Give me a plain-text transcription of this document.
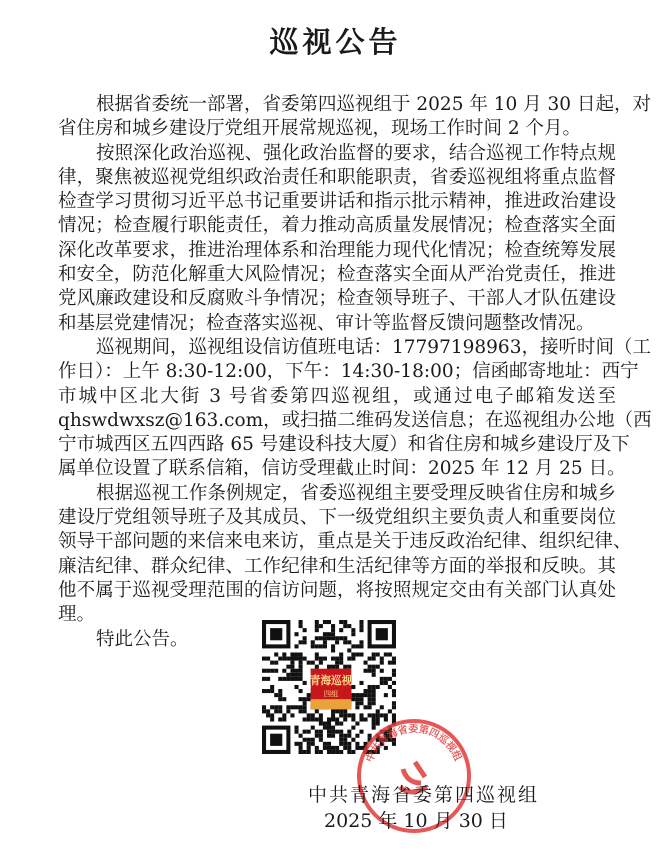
巡视公告
根据省委统一部署，省委第四巡视组于 2025 年 10 月 30 日起，对
省住房和城乡建设厅党组开展常规巡视，现场工作时间 2 个月。
按照深化政治巡视、强化政治监督的要求，结合巡视工作特点规
律，聚焦被巡视党组织政治责任和职能职责，省委巡视组将重点监督
检查学习贯彻习近平总书记重要讲话和指示批示精神，推进政治建设
情况；检查履行职能责任，着力推动高质量发展情况；检查落实全面
深化改革要求，推进治理体系和治理能力现代化情况；检查统筹发展
和安全，防范化解重大风险情况；检查落实全面从严治党责任，推进
党风廉政建设和反腐败斗争情况；检查领导班子、干部人才队伍建设
和基层党建情况；检查落实巡视、审计等监督反馈问题整改情况。
巡视期间，巡视组设信访值班电话：17797198963，接听时间（工
作日）：上午 8:30-12:00，下午：14:30-18:00；信函邮寄地址：西宁
市城中区北大街 3 号省委第四巡视组，或通过电子邮箱发送至
qhswdwxsz@163.com，或扫描二维码发送信息；在巡视组办公地（西
宁市城西区五四西路 65 号建设科技大厦）和省住房和城乡建设厅及下
属单位设置了联系信箱，信访受理截止时间：2025 年 12 月 25 日。
根据巡视工作条例规定，省委巡视组主要受理反映省住房和城乡
建设厅党组领导班子及其成员、下一级党组织主要负责人和重要岗位
领导干部问题的来信来电来访，重点是关于违反政治纪律、组织纪律、
廉洁纪律、群众纪律、工作纪律和生活纪律等方面的举报和反映。其
他不属于巡视受理范围的信访问题，将按照规定交由有关部门认真处
理。
特此公告。
青海巡视
四组
中共青海省委第四巡视组
中共青海省委第四巡视组
2025 年 10 月 30 日
